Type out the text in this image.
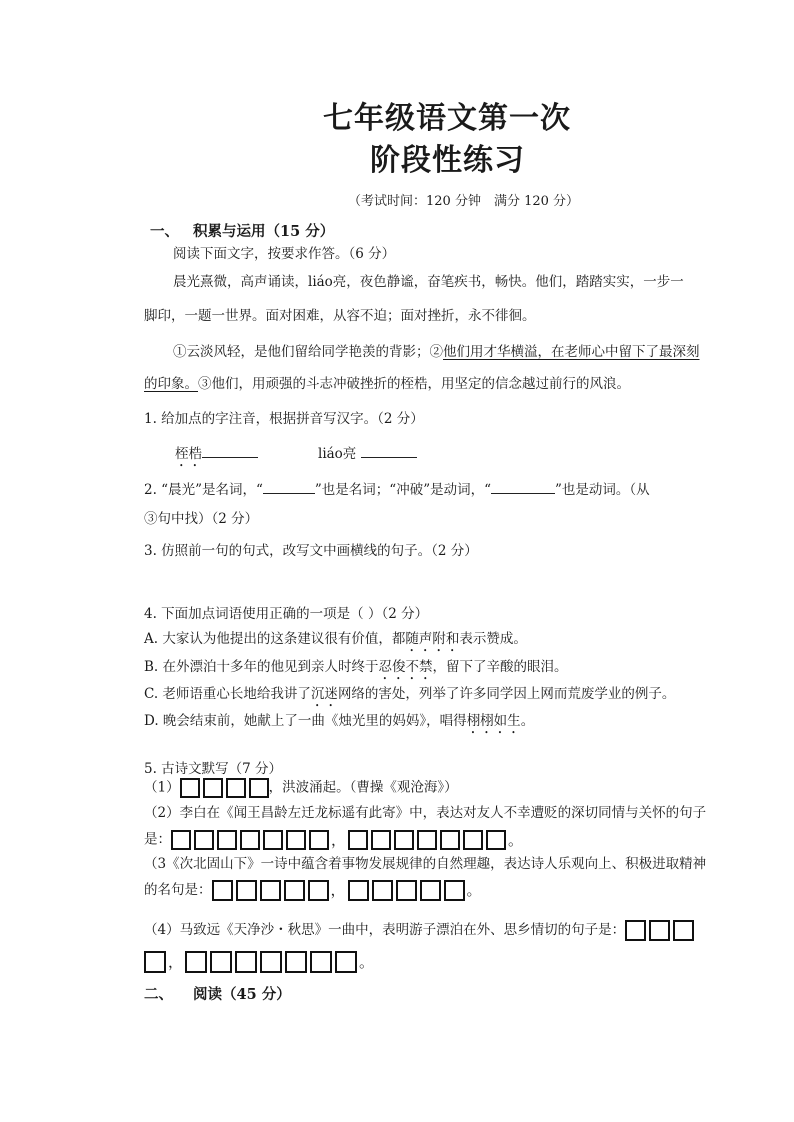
七年级语文第一次
阶段性练习
（考试时间：120 分钟　满分 120 分）
一、 积累与运用（15 分）
阅读下面文字，按要求作答。（6 分）
晨光熹微，高声诵读，liáo亮，夜色静谧，奋笔疾书，畅快。他们，踏踏实实，一步一
脚印，一题一世界。面对困难，从容不迫；面对挫折，永不徘徊。
①云淡风轻，是他们留给同学艳羡的背影；②他们用才华横溢，在老师心中留下了最深刻
的印象。③他们，用顽强的斗志冲破挫折的桎梏，用坚定的信念越过前行的风浪。
1. 给加点的字注音，根据拼音写汉字。（2 分）
桎梏	liáo亮
2. “晨光”是名词，“	”也是名词；“冲破”是动词，“	”也是动词。（从
③句中找）（2 分）
3. 仿照前一句的句式，改写文中画横线的句子。（2 分）
4. 下面加点词语使用正确的一项是（ ）（2 分）
A. 大家认为他提出的这条建议很有价值，都随声附和表示赞成。
B. 在外漂泊十多年的他见到亲人时终于忍俊不禁，留下了辛酸的眼泪。
C. 老师语重心长地给我讲了沉迷网络的害处，列举了许多同学因上网而荒废学业的例子。
D. 晚会结束前，她献上了一曲《烛光里的妈妈》，唱得栩栩如生。
5. 古诗文默写（7 分）
（1）	，洪波涌起。（曹操《观沧海》）
（2）李白在《闻王昌龄左迁龙标遥有此寄》中，表达对友人不幸遭贬的深切同情与关怀的句子
是：	，	。
（3《次北固山下》一诗中蕴含着事物发展规律的自然理趣，表达诗人乐观向上、积极进取精神
的名句是：	，	。
（4）马致远《天净沙・秋思》一曲中，表明游子漂泊在外、思乡情切的句子是：
，	。
二、 阅读（45 分）
